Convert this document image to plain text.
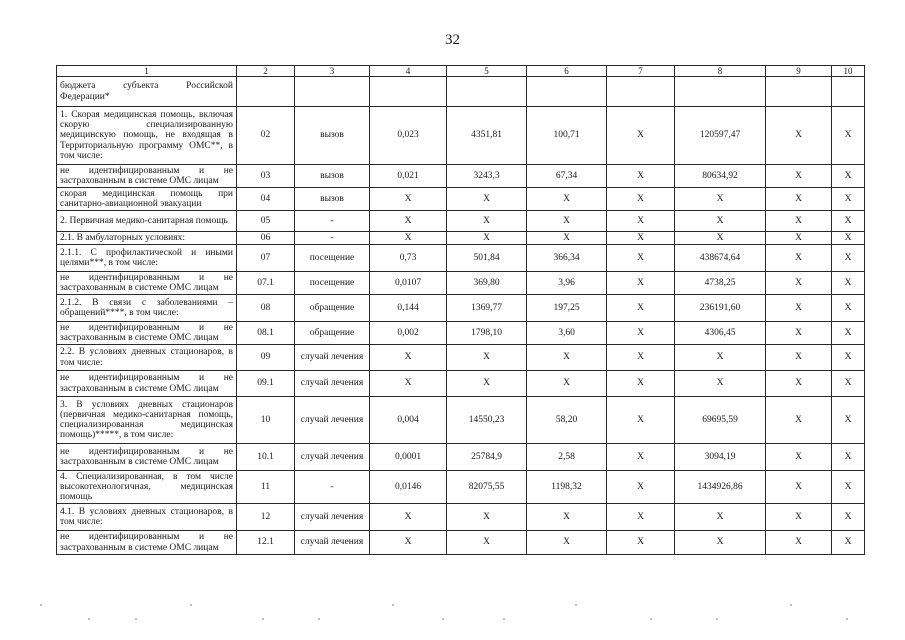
32
1	2	3	4	5	6	7	8	9	10
бюджета субъекта Российской Федерации*									
1. Скорая медицинская помощь, включая скорую специализированную медицинскую помощь, не входящая в Территориальную программу ОМС**, в том числе:	02	вызов	0,023	4351,81	100,71	X	120597,47	X	X
не идентифицированным и не застрахованным в системе ОМС лицам	03	вызов	0,021	3243,3	67,34	X	80634,92	X	X
скорая медицинская помощь при санитарно-авиационной эвакуации	04	вызов	X	X	X	X	X	X	X
2. Первичная медико-санитарная помощь	05	-	X	X	X	X	X	X	X
2.1. В амбулаторных условиях:	06	-	X	X	X	X	X	X	X
2.1.1. С профилактической и иными целями***, в том числе:	07	посещение	0,73	501,84	366,34	X	438674,64	X	X
не идентифицированным и не застрахованным в системе ОМС лицам	07.1	посещение	0,0107	369,80	3,96	X	4738,25	X	X
2.1.2. В связи с заболеваниями – обращений****, в том числе:	08	обращение	0,144	1369,77	197,25	X	236191,60	X	X
не идентифицированным и не застрахованным в системе ОМС лицам	08.1	обращение	0,002	1798,10	3,60	X	4306,45	X	X
2.2. В условиях дневных стационаров, в том числе:	09	случай лечения	X	X	X	X	X	X	X
не идентифицированным и не застрахованным в системе ОМС лицам	09.1	случай лечения	X	X	X	X	X	X	X
3. В условиях дневных стационаров (первичная медико-санитарная помощь, специализированная медицинская помощь)*****, в том числе:	10	случай лечения	0,004	14550,23	58,20	X	69695,59	X	X
не идентифицированным и не застрахованным в системе ОМС лицам	10.1	случай лечения	0,0001	25784,9	2,58	X	3094,19	X	X
4. Специализированная, в том числе высокотехнологичная, медицинская помощь	11	-	0,0146	82075,55	1198,32	X	1434926,86	X	X
4.1. В условиях дневных стационаров, в том числе:	12	случай лечения	X	X	X	X	X	X	X
не идентифицированным и не застрахованным в системе ОМС лицам	12.1	случай лечения	X	X	X	X	X	X	X
